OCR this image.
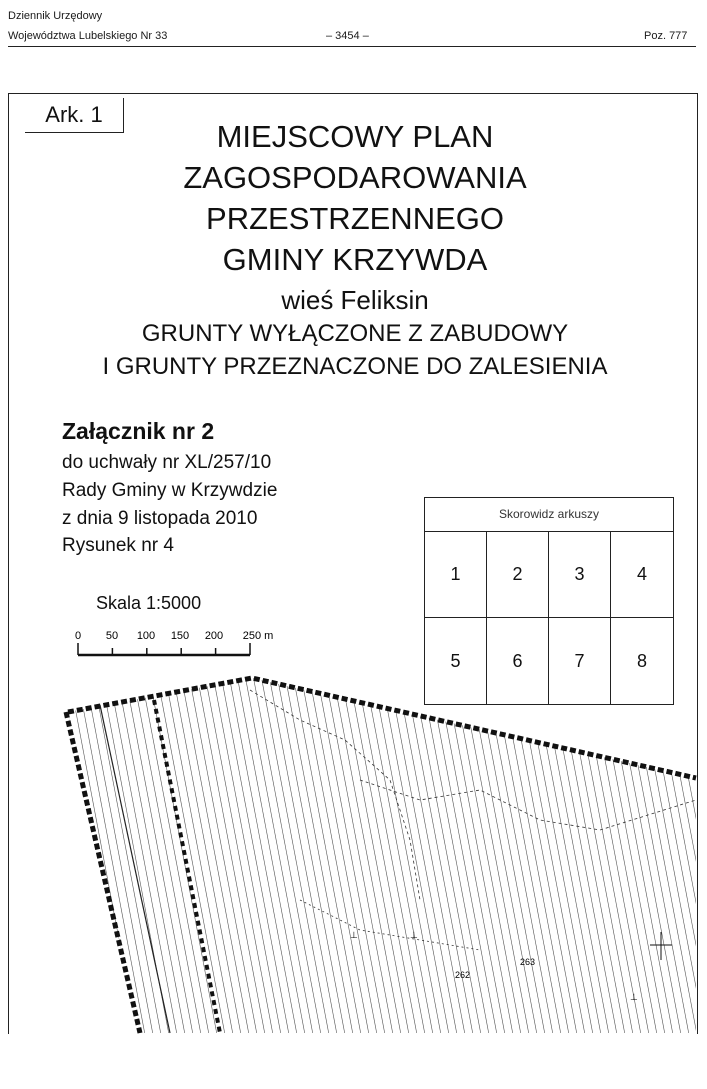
Dziennik Urzędowy
Województwa Lubelskiego Nr 33	– 3454 –	Poz. 777
Ark. 1
MIEJSCOWY PLAN
ZAGOSPODAROWANIA
PRZESTRZENNEGO
GMINY KRZYWDA
wieś Feliksin
GRUNTY WYŁĄCZONE Z ZABUDOWY
I GRUNTY PRZEZNACZONE DO ZALESIENIA
Załącznik nr 2
do uchwały nr XL/257/10
Rady Gminy w Krzywdzie
z dnia 9 listopada 2010
Rysunek nr 4
Skala 1:5000
Skorowidz arkuszy
1	2	3	4
5	6	7	8
0 50 100 150 200 250 m
⊥	⊥
⊥
262
263
